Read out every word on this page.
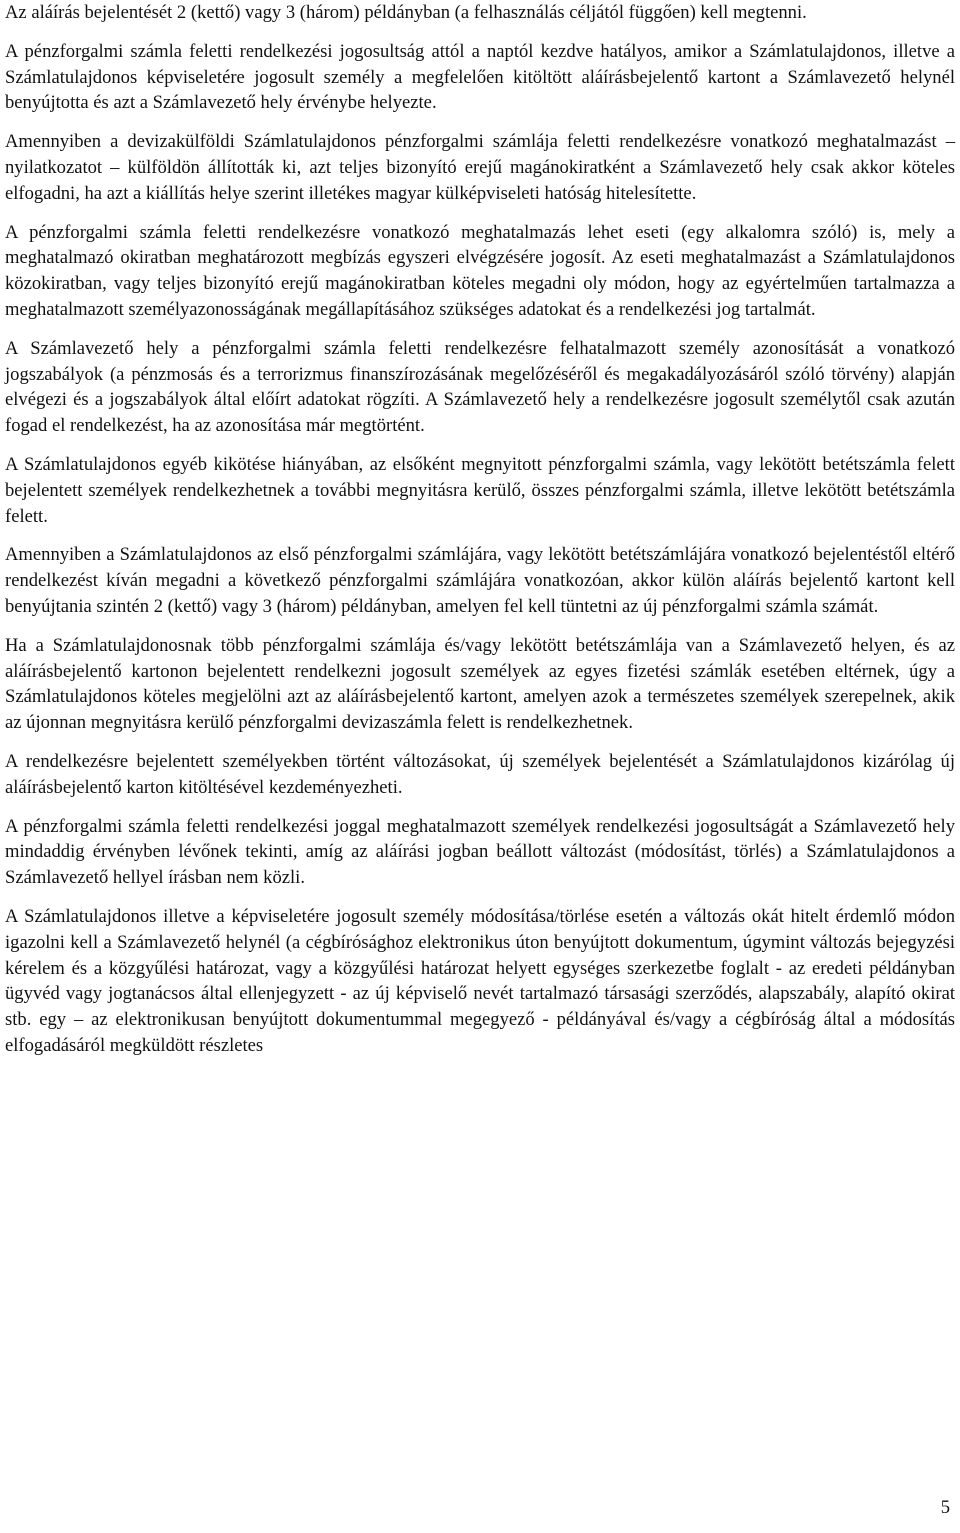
Az aláírás bejelentését 2 (kettő) vagy 3 (három) példányban (a felhasználás céljától függően) kell megtenni.

A pénzforgalmi számla feletti rendelkezési jogosultság attól a naptól kezdve hatályos, amikor a Számlatulajdonos, illetve a Számlatulajdonos képviseletére jogosult személy a megfelelően kitöltött aláírásbejelentő kartont a Számlavezető helynél benyújtotta és azt a Számlavezető hely érvénybe helyezte.

Amennyiben a devizakülföldi Számlatulajdonos pénzforgalmi számlája feletti rendelkezésre vonatkozó meghatalmazást – nyilatkozatot – külföldön állították ki, azt teljes bizonyító erejű magánokiratként a Számlavezető hely csak akkor köteles elfogadni, ha azt a kiállítás helye szerint illetékes magyar külképviseleti hatóság hitelesítette.

A pénzforgalmi számla feletti rendelkezésre vonatkozó meghatalmazás lehet eseti (egy alkalomra szóló) is, mely a meghatalmazó okiratban meghatározott megbízás egyszeri elvégzésére jogosít. Az eseti meghatalmazást a Számlatulajdonos közokiratban, vagy teljes bizonyító erejű magánokiratban köteles megadni oly módon, hogy az egyértelműen tartalmazza a meghatalmazott személyazonosságának megállapításához szükséges adatokat és a rendelkezési jog tartalmát.

A Számlavezető hely a pénzforgalmi számla feletti rendelkezésre felhatalmazott személy azonosítását a vonatkozó jogszabályok (a pénzmosás és a terrorizmus finanszírozásának megelőzéséről és megakadályozásáról szóló törvény) alapján elvégezi és a jogszabályok által előírt adatokat rögzíti. A Számlavezető hely a rendelkezésre jogosult személytől csak azután fogad el rendelkezést, ha az azonosítása már megtörtént.

A Számlatulajdonos egyéb kikötése hiányában, az elsőként megnyitott pénzforgalmi számla, vagy lekötött betétszámla felett bejelentett személyek rendelkezhetnek a további megnyitásra kerülő, összes pénzforgalmi számla, illetve lekötött betétszámla felett.

Amennyiben a Számlatulajdonos az első pénzforgalmi számlájára, vagy lekötött betétszámlájára vonatkozó bejelentéstől eltérő rendelkezést kíván megadni a következő pénzforgalmi számlájára vonatkozóan, akkor külön aláírás bejelentő kartont kell benyújtania szintén 2 (kettő) vagy 3 (három) példányban, amelyen fel kell tüntetni az új pénzforgalmi számla számát.

Ha a Számlatulajdonosnak több pénzforgalmi számlája és/vagy lekötött betétszámlája van a Számlavezető helyen, és az aláírásbejelentő kartonon bejelentett rendelkezni jogosult személyek az egyes fizetési számlák esetében eltérnek, úgy a Számlatulajdonos köteles megjelölni azt az aláírásbejelentő kartont, amelyen azok a természetes személyek szerepelnek, akik az újonnan megnyitásra kerülő pénzforgalmi devizaszámla felett is rendelkezhetnek.

A rendelkezésre bejelentett személyekben történt változásokat, új személyek bejelentését a Számlatulajdonos kizárólag új aláírásbejelentő karton kitöltésével kezdeményezheti.

A pénzforgalmi számla feletti rendelkezési joggal meghatalmazott személyek rendelkezési jogosultságát a Számlavezető hely mindaddig érvényben lévőnek tekinti, amíg az aláírási jogban beállott változást (módosítást, törlés) a Számlatulajdonos a Számlavezető hellyel írásban nem közli.

A Számlatulajdonos illetve a képviseletére jogosult személy módosítása/törlése esetén a változás okát hitelt érdemlő módon igazolni kell a Számlavezető helynél (a cégbírósághoz elektronikus úton benyújtott dokumentum, úgymint változás bejegyzési kérelem és a közgyűlési határozat, vagy a közgyűlési határozat helyett egységes szerkezetbe foglalt - az eredeti példányban ügyvéd vagy jogtanácsos által ellenjegyzett - az új képviselő nevét tartalmazó társasági szerződés, alapszabály, alapító okirat stb. egy – az elektronikusan benyújtott dokumentummal megegyező - példányával és/vagy a cégbíróság által a módosítás elfogadásáról megküldött részletes

5
